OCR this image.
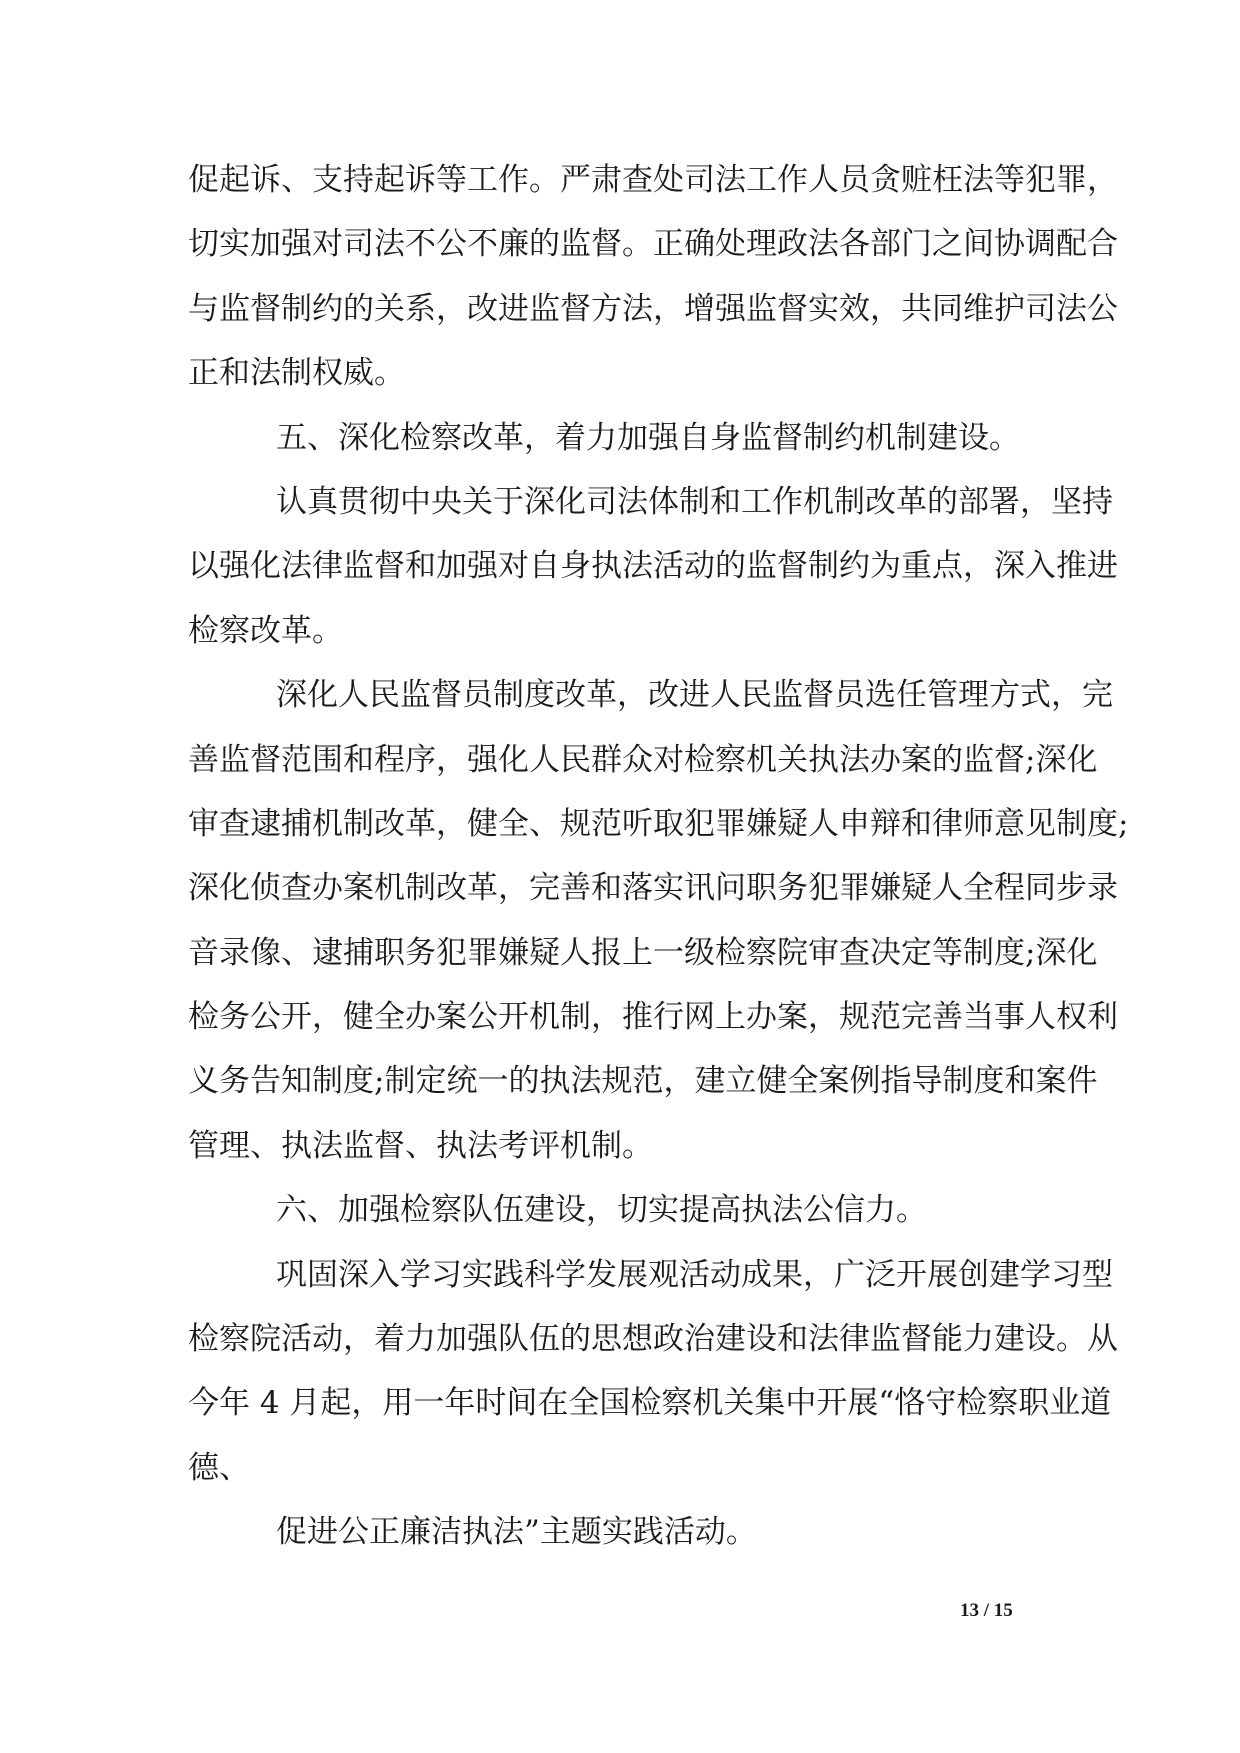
促起诉、支持起诉等工作。严肃查处司法工作人员贪赃枉法等犯罪，
切实加强对司法不公不廉的监督。正确处理政法各部门之间协调配合
与监督制约的关系，改进监督方法，增强监督实效，共同维护司法公
正和法制权威。
五、深化检察改革，着力加强自身监督制约机制建设。
认真贯彻中央关于深化司法体制和工作机制改革的部署，坚持
以强化法律监督和加强对自身执法活动的监督制约为重点，深入推进
检察改革。
深化人民监督员制度改革，改进人民监督员选任管理方式，完
善监督范围和程序，强化人民群众对检察机关执法办案的监督;深化
审查逮捕机制改革，健全、规范听取犯罪嫌疑人申辩和律师意见制度;
深化侦查办案机制改革，完善和落实讯问职务犯罪嫌疑人全程同步录
音录像、逮捕职务犯罪嫌疑人报上一级检察院审查决定等制度;深化
检务公开，健全办案公开机制，推行网上办案，规范完善当事人权利
义务告知制度;制定统一的执法规范，建立健全案例指导制度和案件
管理、执法监督、执法考评机制。
六、加强检察队伍建设，切实提高执法公信力。
巩固深入学习实践科学发展观活动成果，广泛开展创建学习型
检察院活动，着力加强队伍的思想政治建设和法律监督能力建设。从
今年 4 月起，用一年时间在全国检察机关集中开展“恪守检察职业道
德、
促进公正廉洁执法”主题实践活动。
13 / 15
